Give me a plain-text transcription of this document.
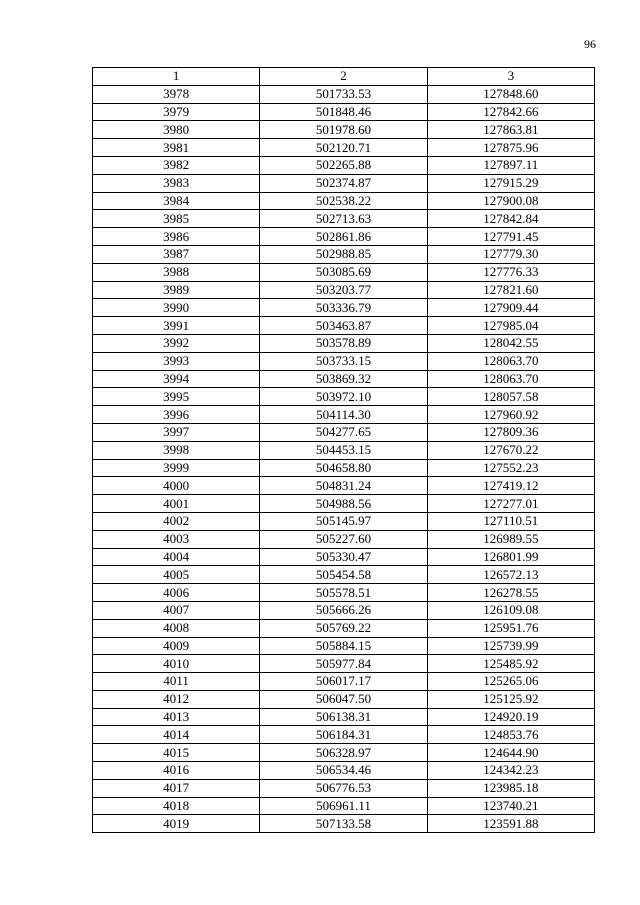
96
1	2	3
3978	501733.53	127848.60
3979	501848.46	127842.66
3980	501978.60	127863.81
3981	502120.71	127875.96
3982	502265.88	127897.11
3983	502374.87	127915.29
3984	502538.22	127900.08
3985	502713.63	127842.84
3986	502861.86	127791.45
3987	502988.85	127779.30
3988	503085.69	127776.33
3989	503203.77	127821.60
3990	503336.79	127909.44
3991	503463.87	127985.04
3992	503578.89	128042.55
3993	503733.15	128063.70
3994	503869.32	128063.70
3995	503972.10	128057.58
3996	504114.30	127960.92
3997	504277.65	127809.36
3998	504453.15	127670.22
3999	504658.80	127552.23
4000	504831.24	127419.12
4001	504988.56	127277.01
4002	505145.97	127110.51
4003	505227.60	126989.55
4004	505330.47	126801.99
4005	505454.58	126572.13
4006	505578.51	126278.55
4007	505666.26	126109.08
4008	505769.22	125951.76
4009	505884.15	125739.99
4010	505977.84	125485.92
4011	506017.17	125265.06
4012	506047.50	125125.92
4013	506138.31	124920.19
4014	506184.31	124853.76
4015	506328.97	124644.90
4016	506534.46	124342.23
4017	506776.53	123985.18
4018	506961.11	123740.21
4019	507133.58	123591.88
